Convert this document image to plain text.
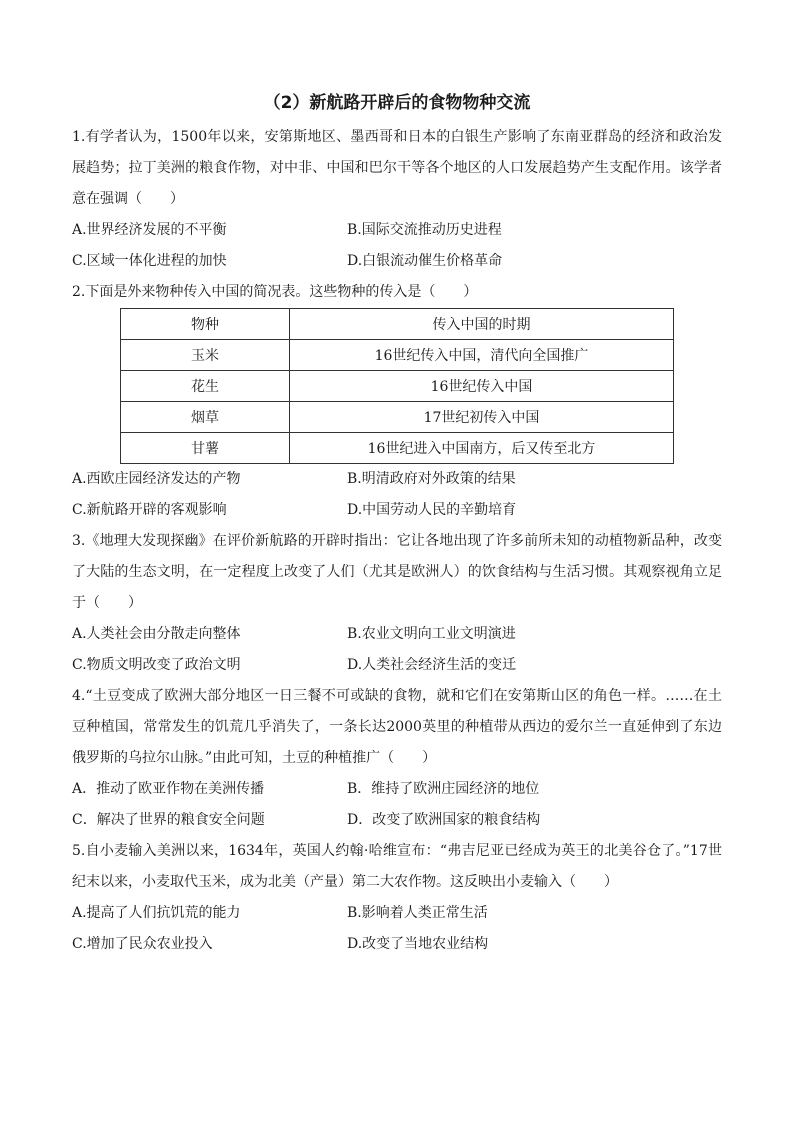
（2）新航路开辟后的食物物种交流

1.有学者认为，1500年以来，安第斯地区、墨西哥和日本的白银生产影响了东南亚群岛的经济和政治发展趋势；拉丁美洲的粮食作物，对中非、中国和巴尔干等各个地区的人口发展趋势产生支配作用。该学者意在强调（　　）

A.世界经济发展的不平衡	B.国际交流推动历史进程
C.区域一体化进程的加快	D.白银流动催生价格革命

2.下面是外来物种传入中国的简况表。这些物种的传入是（　　）

物种	传入中国的时期
玉米	16世纪传入中国，清代向全国推广
花生	16世纪传入中国
烟草	17世纪初传入中国
甘薯	16世纪进入中国南方，后又传至北方
A.西欧庄园经济发达的产物	B.明清政府对外政策的结果
C.新航路开辟的客观影响	D.中国劳动人民的辛勤培育

3.《地理大发现探幽》在评价新航路的开辟时指出：它让各地出现了许多前所未知的动植物新品种，改变了大陆的生态文明，在一定程度上改变了人们（尤其是欧洲人）的饮食结构与生活习惯。其观察视角立足于（　　）

A.人类社会由分散走向整体	B.农业文明向工业文明演进
C.物质文明改变了政治文明	D.人类社会经济生活的变迁

4.“土豆变成了欧洲大部分地区一日三餐不可或缺的食物，就和它们在安第斯山区的角色一样。……在土豆种植国，常常发生的饥荒几乎消失了，一条长达2000英里的种植带从西边的爱尔兰一直延伸到了东边俄罗斯的乌拉尔山脉。”由此可知，土豆的种植推广（　　）

A．推动了欧亚作物在美洲传播	B．维持了欧洲庄园经济的地位
C．解决了世界的粮食安全问题	D．改变了欧洲国家的粮食结构

5.自小麦输入美洲以来，1634年，英国人约翰·哈维宣布：“弗吉尼亚已经成为英王的北美谷仓了。”17世纪末以来，小麦取代玉米，成为北美（产量）第二大农作物。这反映出小麦输入（　　）

A.提高了人们抗饥荒的能力	B.影响着人类正常生活
C.增加了民众农业投入	D.改变了当地农业结构
